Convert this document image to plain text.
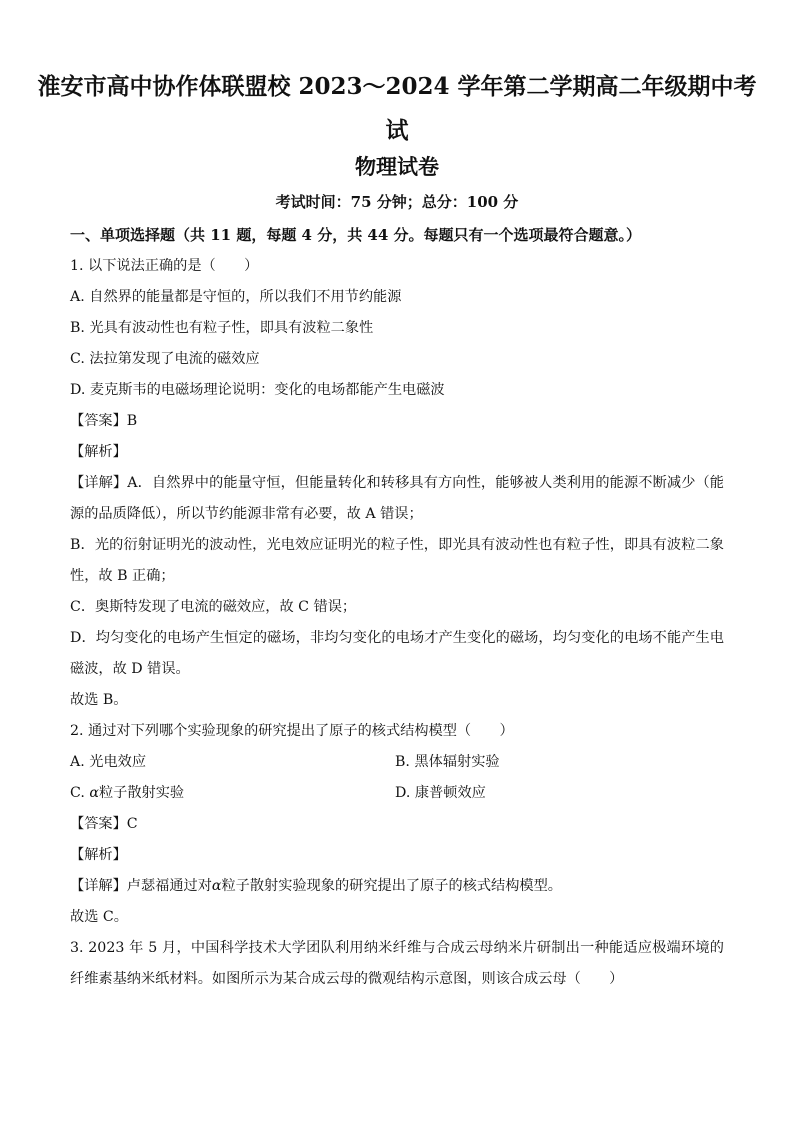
淮安市高中协作体联盟校 2023～2024 学年第二学期高二年级期中考
试
物理试卷
考试时间：75 分钟；总分：100 分
一、单项选择题（共 11 题，每题 4 分，共 44 分。每题只有一个选项最符合题意。）
1. 以下说法正确的是（　　）
A. 自然界的能量都是守恒的，所以我们不用节约能源
B. 光具有波动性也有粒子性，即具有波粒二象性
C. 法拉第发现了电流的磁效应
D. 麦克斯韦的电磁场理论说明：变化的电场都能产生电磁波
【答案】B
【解析】
【详解】A．自然界中的能量守恒，但能量转化和转移具有方向性，能够被人类利用的能源不断减少（能源的品质降低），所以节约能源非常有必要，故 A 错误；
B．光的衍射证明光的波动性，光电效应证明光的粒子性，即光具有波动性也有粒子性，即具有波粒二象性，故 B 正确；
C．奥斯特发现了电流的磁效应，故 C 错误；
D．均匀变化的电场产生恒定的磁场，非均匀变化的电场才产生变化的磁场，均匀变化的电场不能产生电磁波，故 D 错误。
故选 B。
2. 通过对下列哪个实验现象的研究提出了原子的核式结构模型（　　）
A. 光电效应	B. 黑体辐射实验
C. α粒子散射实验	D. 康普顿效应
【答案】C
【解析】
【详解】卢瑟福通过对α粒子散射实验现象的研究提出了原子的核式结构模型。
故选 C。
3. 2023 年 5 月，中国科学技术大学团队利用纳米纤维与合成云母纳米片研制出一种能适应极端环境的纤维素基纳米纸材料。如图所示为某合成云母的微观结构示意图，则该合成云母（　　）
